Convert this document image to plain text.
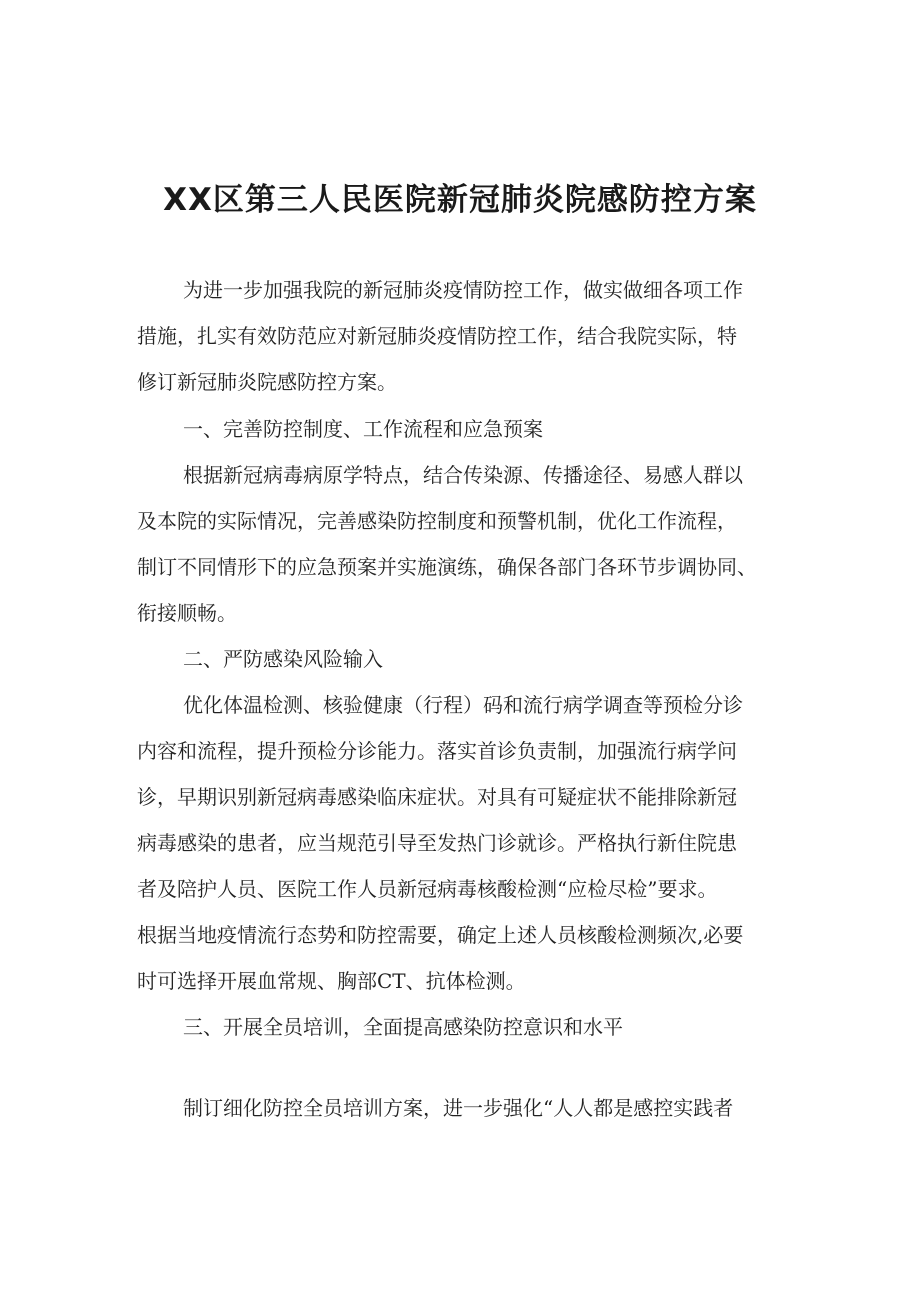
XX区第三人民医院新冠肺炎院感防控方案
为进一步加强我院的新冠肺炎疫情防控工作，做实做细各项工作
措施，扎实有效防范应对新冠肺炎疫情防控工作，结合我院实际，特
修订新冠肺炎院感防控方案。
一、完善防控制度、工作流程和应急预案
根据新冠病毒病原学特点，结合传染源、传播途径、易感人群以
及本院的实际情况，完善感染防控制度和预警机制，优化工作流程，
制订不同情形下的应急预案并实施演练，确保各部门各环节步调协同、
衔接顺畅。
二、严防感染风险输入
优化体温检测、核验健康（行程）码和流行病学调查等预检分诊
内容和流程，提升预检分诊能力。落实首诊负责制，加强流行病学问
诊，早期识别新冠病毒感染临床症状。对具有可疑症状不能排除新冠
病毒感染的患者，应当规范引导至发热门诊就诊。严格执行新住院患
者及陪护人员、医院工作人员新冠病毒核酸检测“应检尽检”要求。
根据当地疫情流行态势和防控需要，确定上述人员核酸检测频次,必要
时可选择开展血常规、胸部CT、抗体检测。
三、开展全员培训，全面提高感染防控意识和水平
制订细化防控全员培训方案，进一步强化“人人都是感控实践者
